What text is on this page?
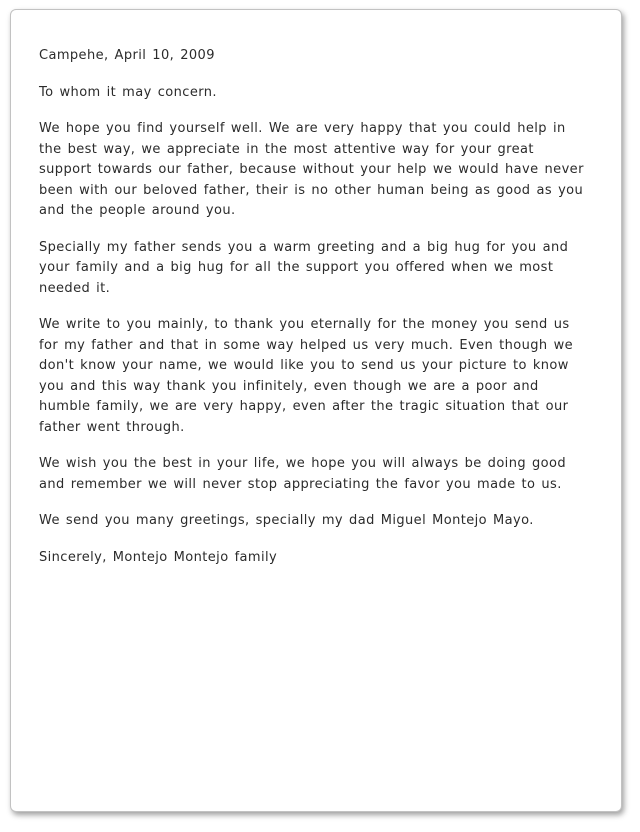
Campehe, April 10, 2009

To whom it may concern.

We hope you find yourself well. We are very happy that you could help in the best way, we appreciate in the most attentive way for your great support towards our father, because without your help we would have never been with our beloved father, their is no other human being as good as you and the people around you.

Specially my father sends you a warm greeting and a big hug for you and your family and a big hug for all the support you offered when we most needed it.

We write to you mainly, to thank you eternally for the money you send us for my father and that in some way helped us very much. Even though we don't know your name, we would like you to send us your picture to know you and this way thank you infinitely, even though we are a poor and humble family, we are very happy, even after the tragic situation that our father went through.

We wish you the best in your life, we hope you will always be doing good and remember we will never stop appreciating the favor you made to us.

We send you many greetings, specially my dad Miguel Montejo Mayo.

Sincerely, Montejo Montejo family
